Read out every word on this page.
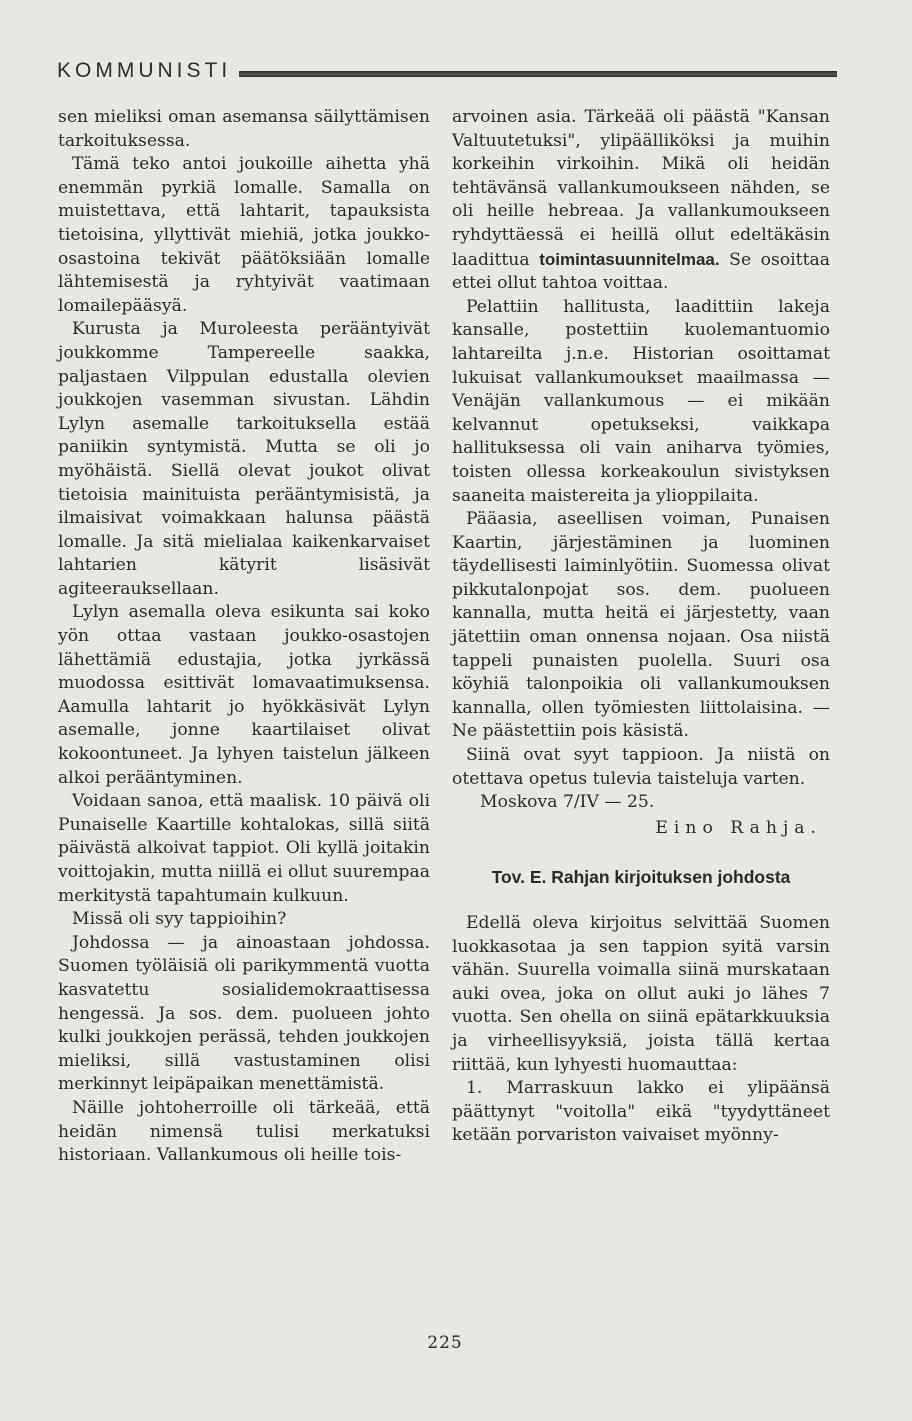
KOMMUNISTI

sen mieliksi oman asemansa säilyttämisen tarkoituksessa.

Tämä teko antoi joukoille aihetta yhä enemmän pyrkiä lomalle. Samalla on muistettava, että lahtarit, tapauksista tietoisina, yllyttivät miehiä, jotka joukko-osastoina tekivät päätöksiään lomalle lähtemisestä ja ryhtyivät vaatimaan lomailepääsyä.

Kurusta ja Muroleesta perääntyivät joukkomme Tampereelle saakka, paljastaen Vilppulan edustalla olevien joukkojen vasemman sivustan. Lähdin Lylyn asemalle tarkoituksella estää paniikin syntymistä. Mutta se oli jo myöhäistä. Siellä olevat joukot olivat tietoisia mainituista perääntymisistä, ja ilmaisivat voimakkaan halunsa päästä lomalle. Ja sitä mielialaa kaikenkarvaiset lahtarien kätyrit lisäsivät agiteerauksellaan.

Lylyn asemalla oleva esikunta sai koko yön ottaa vastaan joukko-osastojen lähettämiä edustajia, jotka jyrkässä muodossa esittivät lomavaatimuksensa. Aamulla lahtarit jo hyökkäsivät Lylyn asemalle, jonne kaartilaiset olivat kokoontuneet. Ja lyhyen taistelun jälkeen alkoi perääntyminen.

Voidaan sanoa, että maalisk. 10 päivä oli Punaiselle Kaartille kohtalokas, sillä siitä päivästä alkoivat tappiot. Oli kyllä joitakin voittojakin, mutta niillä ei ollut suurempaa merkitystä tapahtumain kulkuun.

Missä oli syy tappioihin?

Johdossa — ja ainoastaan johdossa. Suomen työläisiä oli parikymmentä vuotta kasvatettu sosialidemokraattisessa hengessä. Ja sos. dem. puolueen johto kulki joukkojen perässä, tehden joukkojen mieliksi, sillä vastustaminen olisi merkinnyt leipäpaikan menettämistä.

Näille johtoherroille oli tärkeää, että heidän nimensä tulisi merkatuksi historiaan. Vallankumous oli heille tois-

arvoinen asia. Tärkeää oli päästä "Kansan Valtuutetuksi", ylipäälliköksi ja muihin korkeihin virkoihin. Mikä oli heidän tehtävänsä vallankumoukseen nähden, se oli heille hebreaa. Ja vallankumoukseen ryhdyttäessä ei heillä ollut edeltäkäsin laadittua toimintasuunnitelmaa. Se osoittaa ettei ollut tahtoa voittaa.

Pelattiin hallitusta, laadittiin lakeja kansalle, postettiin kuolemantuomio lahtareilta j.n.e. Historian osoittamat lukuisat vallankumoukset maailmassa — Venäjän vallankumous — ei mikään kelvannut opetukseksi, vaikkapa hallituksessa oli vain aniharva työmies, toisten ollessa korkeakoulun sivistyksen saaneita maistereita ja ylioppilaita.

Pääasia, aseellisen voiman, Punaisen Kaartin, järjestäminen ja luominen täydellisesti laiminlyötiin. Suomessa olivat pikkutalonpojat sos. dem. puolueen kannalla, mutta heitä ei järjestetty, vaan jätettiin oman onnensa nojaan. Osa niistä tappeli punaisten puolella. Suuri osa köyhiä talonpoikia oli vallankumouksen kannalla, ollen työmiesten liittolaisina. — Ne päästettiin pois käsistä.

Siinä ovat syyt tappioon. Ja niistä on otettava opetus tulevia taisteluja varten.

Moskova 7/IV — 25.

Eino Rahja.

Tov. E. Rahjan kirjoituksen johdosta

Edellä oleva kirjoitus selvittää Suomen luokkasotaa ja sen tappion syitä varsin vähän. Suurella voimalla siinä murskataan auki ovea, joka on ollut auki jo lähes 7 vuotta. Sen ohella on siinä epätarkkuuksia ja virheellisyyksiä, joista tällä kertaa riittää, kun lyhyesti huomauttaa:

1. Marraskuun lakko ei ylipäänsä päättynyt "voitolla" eikä "tyydyttäneet ketään porvariston vaivaiset myönny-

225
